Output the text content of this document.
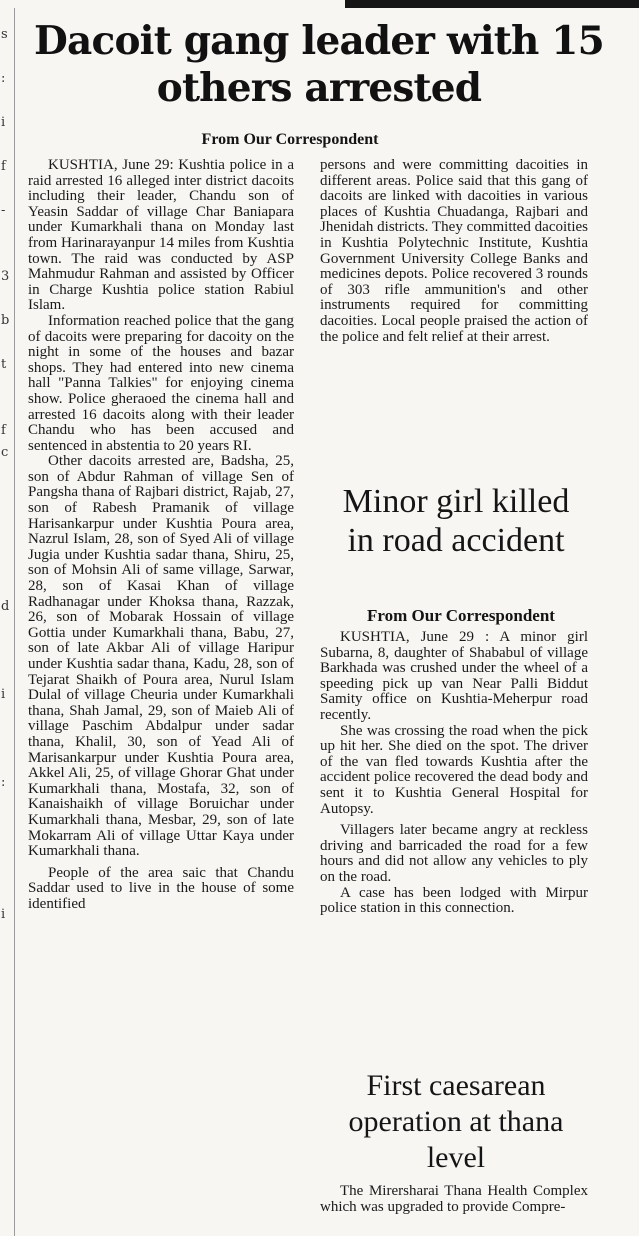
s
:
i
f
-
3
b
t
f
c
d
i
:
i
Dacoit gang leader with 15 others arrested
From Our Correspondent

KUSHTIA, June 29: Kushtia police in a raid arrested 16 alleged inter district dacoits including their leader, Chandu son of Yeasin Saddar of village Char Baniapara under Kumarkhali thana on Monday last from Harinarayanpur 14 miles from Kushtia town. The raid was conducted by ASP Mahmudur Rahman and assisted by Officer in Charge Kushtia police station Rabiul Islam.

Information reached police that the gang of dacoits were preparing for dacoity on the night in some of the houses and bazar shops. They had entered into new cinema hall "Panna Talkies" for enjoying cinema show. Police gheraoed the cinema hall and arrested 16 dacoits along with their leader Chandu who has been accused and sentenced in abstentia to 20 years RI.

Other dacoits arrested are, Badsha, 25, son of Abdur Rahman of village Sen of Pangsha thana of Rajbari district, Rajab, 27, son of Rabesh Pramanik of village Harisankarpur under Kushtia Poura area, Nazrul Islam, 28, son of Syed Ali of village Jugia under Kushtia sadar thana, Shiru, 25, son of Mohsin Ali of same village, Sarwar, 28, son of Kasai Khan of village Radhanagar under Khoksa thana, Razzak, 26, son of Mobarak Hossain of village Gottia under Kumarkhali thana, Babu, 27, son of late Akbar Ali of village Haripur under Kushtia sadar thana, Kadu, 28, son of Tejarat Shaikh of Poura area, Nurul Islam Dulal of village Cheuria under Kumarkhali thana, Shah Jamal, 29, son of Maieb Ali of village Paschim Abdalpur under sadar thana, Khalil, 30, son of Yead Ali of Marisankarpur under Kushtia Poura area, Akkel Ali, 25, of village Ghorar Ghat under Kumarkhali thana, Mostafa, 32, son of Kanaishaikh of village Boruichar under Kumarkhali thana, Mesbar, 29, son of late Mokarram Ali of village Uttar Kaya under Kumarkhali thana.

People of the area saic that Chandu Saddar used to live in the house of some identified

persons and were committing dacoities in different areas. Police said that this gang of dacoits are linked with dacoities in various places of Kushtia Chuadanga, Rajbari and Jhenidah districts. They committed dacoities in Kushtia Polytechnic Institute, Kushtia Government University College Banks and medicines depots. Police recovered 3 rounds of 303 rifle ammunition's and other instruments required for committing dacoities. Local people praised the action of the police and felt relief at their arrest.

Minor girl killed in road accident
From Our Correspondent

KUSHTIA, June 29 : A minor girl Subarna, 8, daughter of Shababul of village Barkhada was crushed under the wheel of a speeding pick up van Near Palli Biddut Samity office on Kushtia-Meherpur road recently.

She was crossing the road when the pick up hit her. She died on the spot. The driver of the van fled towards Kushtia after the accident police recovered the dead body and sent it to Kushtia General Hospital for Autopsy.

Villagers later became angry at reckless driving and barricaded the road for a few hours and did not allow any vehicles to ply on the road.

A case has been lodged with Mirpur police station in this connection.

First caesarean operation at thana level

The Mirersharai Thana Health Complex which was upgraded to provide Compre-
